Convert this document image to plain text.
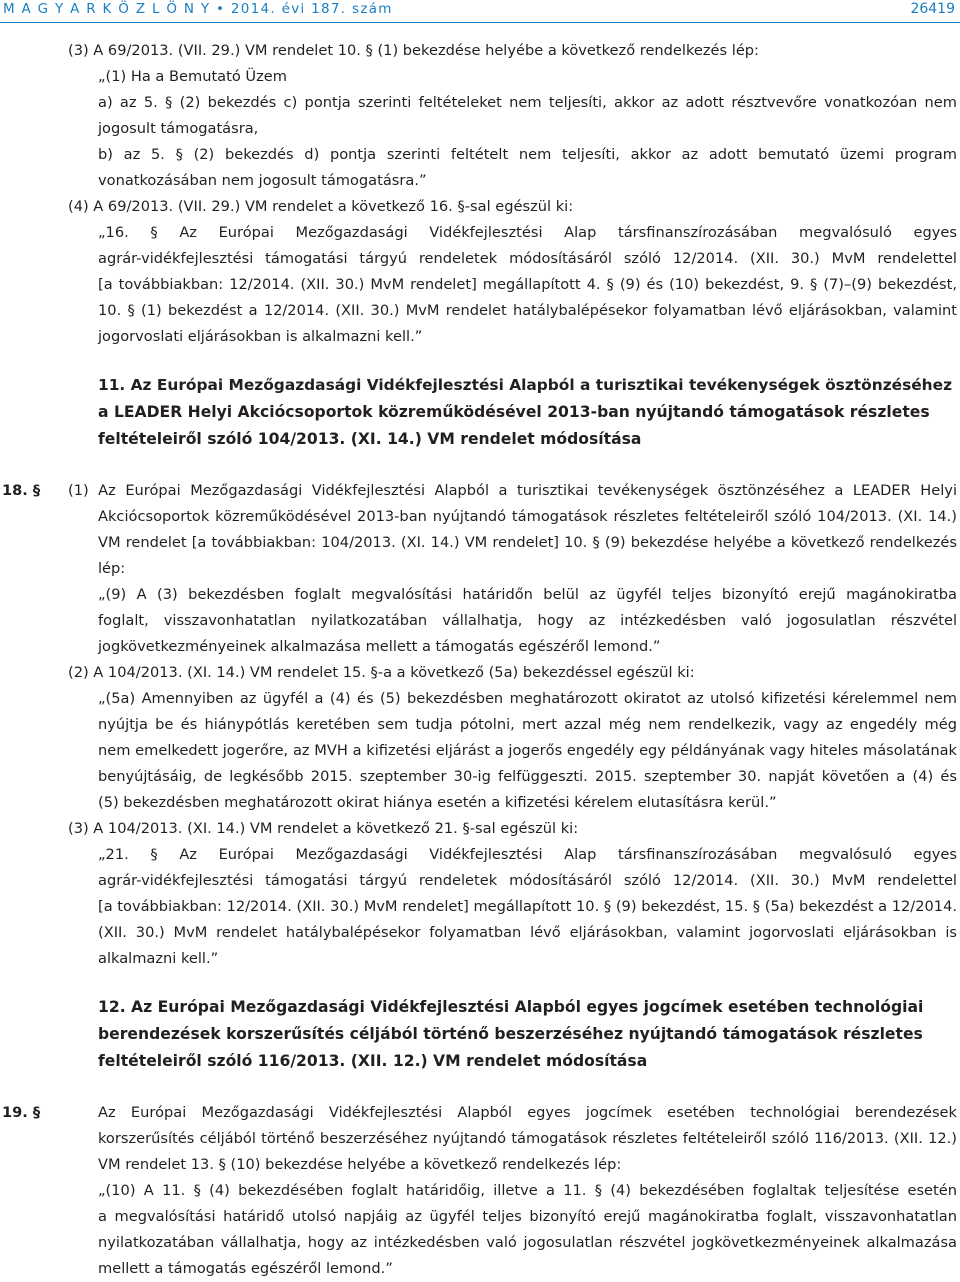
M A G Y A R K Ö Z L Ö N Y • 2014. évi 187. szám	26419
(3) A 69/2013. (VII. 29.) VM rendelet 10. § (1) bekezdése helyébe a következő rendelkezés lép:
„(1) Ha a Bemutató Üzem
a) az 5. § (2) bekezdés c) pontja szerinti feltételeket nem teljesíti, akkor az adott résztvevőre vonatkozóan nem
jogosult támogatásra,
b) az 5. § (2) bekezdés d) pontja szerinti feltételt nem teljesíti, akkor az adott bemutató üzemi program
vonatkozásában nem jogosult támogatásra.”
(4) A 69/2013. (VII. 29.) VM rendelet a következő 16. §-sal egészül ki:
„16. § Az Európai Mezőgazdasági Vidékfejlesztési Alap társfinanszírozásában megvalósuló egyes
agrár-vidékfejlesztési támogatási tárgyú rendeletek módosításáról szóló 12/2014. (XII. 30.) MvM rendelettel
[a továbbiakban: 12/2014. (XII. 30.) MvM rendelet] megállapított 4. § (9) és (10) bekezdést, 9. § (7)–(9) bekezdést,
10. § (1) bekezdést a 12/2014. (XII. 30.) MvM rendelet hatálybalépésekor folyamatban lévő eljárásokban, valamint
jogorvoslati eljárásokban is alkalmazni kell.”
11. Az Európai Mezőgazdasági Vidékfejlesztési Alapból a turisztikai tevékenységek ösztönzéséhez
a LEADER Helyi Akciócsoportok közreműködésével 2013-ban nyújtandó támogatások részletes
feltételeiről szóló 104/2013. (XI. 14.) VM rendelet módosítása
18. § (1) Az Európai Mezőgazdasági Vidékfejlesztési Alapból a turisztikai tevékenységek ösztönzéséhez a LEADER Helyi
Akciócsoportok közreműködésével 2013-ban nyújtandó támogatások részletes feltételeiről szóló 104/2013. (XI. 14.)
VM rendelet [a továbbiakban: 104/2013. (XI. 14.) VM rendelet] 10. § (9) bekezdése helyébe a következő rendelkezés
lép:
„(9) A (3) bekezdésben foglalt megvalósítási határidőn belül az ügyfél teljes bizonyító erejű magánokiratba
foglalt, visszavonhatatlan nyilatkozatában vállalhatja, hogy az intézkedésben való jogosulatlan részvétel
jogkövetkezményeinek alkalmazása mellett a támogatás egészéről lemond.”
(2) A 104/2013. (XI. 14.) VM rendelet 15. §-a a következő (5a) bekezdéssel egészül ki:
„(5a) Amennyiben az ügyfél a (4) és (5) bekezdésben meghatározott okiratot az utolsó kifizetési kérelemmel nem
nyújtja be és hiánypótlás keretében sem tudja pótolni, mert azzal még nem rendelkezik, vagy az engedély még
nem emelkedett jogerőre, az MVH a kifizetési eljárást a jogerős engedély egy példányának vagy hiteles másolatának
benyújtásáig, de legkésőbb 2015. szeptember 30-ig felfüggeszti. 2015. szeptember 30. napját követően a (4) és
(5) bekezdésben meghatározott okirat hiánya esetén a kifizetési kérelem elutasításra kerül.”
(3) A 104/2013. (XI. 14.) VM rendelet a következő 21. §-sal egészül ki:
„21. § Az Európai Mezőgazdasági Vidékfejlesztési Alap társfinanszírozásában megvalósuló egyes
agrár-vidékfejlesztési támogatási tárgyú rendeletek módosításáról szóló 12/2014. (XII. 30.) MvM rendelettel
[a továbbiakban: 12/2014. (XII. 30.) MvM rendelet] megállapított 10. § (9) bekezdést, 15. § (5a) bekezdést a 12/2014.
(XII. 30.) MvM rendelet hatálybalépésekor folyamatban lévő eljárásokban, valamint jogorvoslati eljárásokban is
alkalmazni kell.”
12. Az Európai Mezőgazdasági Vidékfejlesztési Alapból egyes jogcímek esetében technológiai
berendezések korszerűsítés céljából történő beszerzéséhez nyújtandó támogatások részletes
feltételeiről szóló 116/2013. (XII. 12.) VM rendelet módosítása
19. §	Az Európai Mezőgazdasági Vidékfejlesztési Alapból egyes jogcímek esetében technológiai berendezések
korszerűsítés céljából történő beszerzéséhez nyújtandó támogatások részletes feltételeiről szóló 116/2013. (XII. 12.)
VM rendelet 13. § (10) bekezdése helyébe a következő rendelkezés lép:
„(10) A 11. § (4) bekezdésében foglalt határidőig, illetve a 11. § (4) bekezdésében foglaltak teljesítése esetén
a megvalósítási határidő utolsó napjáig az ügyfél teljes bizonyító erejű magánokiratba foglalt, visszavonhatatlan
nyilatkozatában vállalhatja, hogy az intézkedésben való jogosulatlan részvétel jogkövetkezményeinek alkalmazása
mellett a támogatás egészéről lemond.”
